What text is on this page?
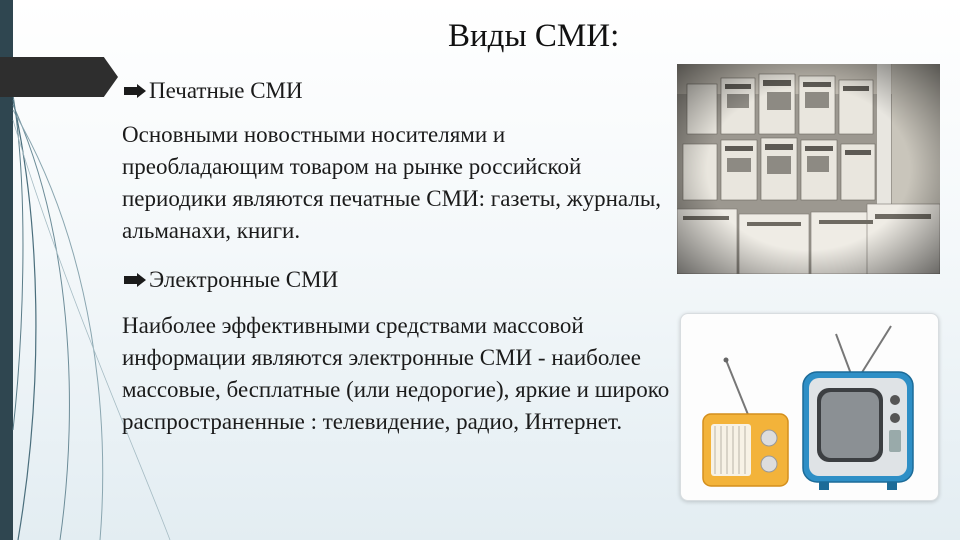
Виды СМИ:
Печатные СМИ
Основными новостными носителями и преобладающим товаром на рынке российской периодики являются печатные СМИ: газеты, журналы, альманахи, книги.
Электронные СМИ
Наиболее эффективными средствами массовой информации являются электронные СМИ - наиболее массовые, бесплатные (или недорогие), яркие и широко распространенные : телевидение, радио, Интернет.
